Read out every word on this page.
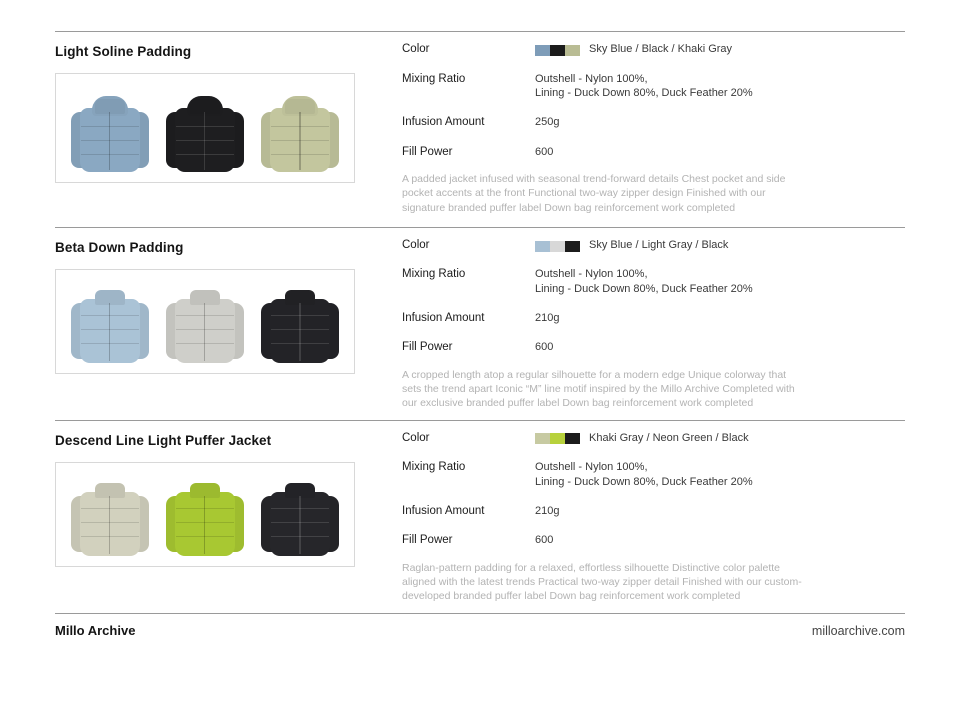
Light Soline Padding	Color	Sky Blue / Black / Khaki Gray
Mixing Ratio	Outshell - Nylon 100%,
Lining - Duck Down 80%, Duck Feather 20%
Infusion Amount	250g
Fill Power	600
A padded jacket infused with seasonal trend-forward details Chest pocket and side pocket accents at the front Functional two-way zipper design Finished with our signature branded puffer label Down bag reinforcement work completed
Beta Down Padding	Color	Sky Blue / Light Gray / Black
Mixing Ratio	Outshell - Nylon 100%,
Lining - Duck Down 80%, Duck Feather 20%
Infusion Amount	210g
Fill Power	600
A cropped length atop a regular silhouette for a modern edge Unique colorway that sets the trend apart Iconic “M” line motif inspired by the Millo Archive Completed with our exclusive branded puffer label Down bag reinforcement work completed
Descend Line Light Puffer Jacket	Color	Khaki Gray / Neon Green / Black
Mixing Ratio	Outshell - Nylon 100%,
Lining - Duck Down 80%, Duck Feather 20%
Infusion Amount	210g
Fill Power	600
Raglan-pattern padding for a relaxed, effortless silhouette Distinctive color palette aligned with the latest trends Practical two-way zipper detail Finished with our custom-developed branded puffer label Down bag reinforcement work completed
Millo Archive	milloarchive.com
